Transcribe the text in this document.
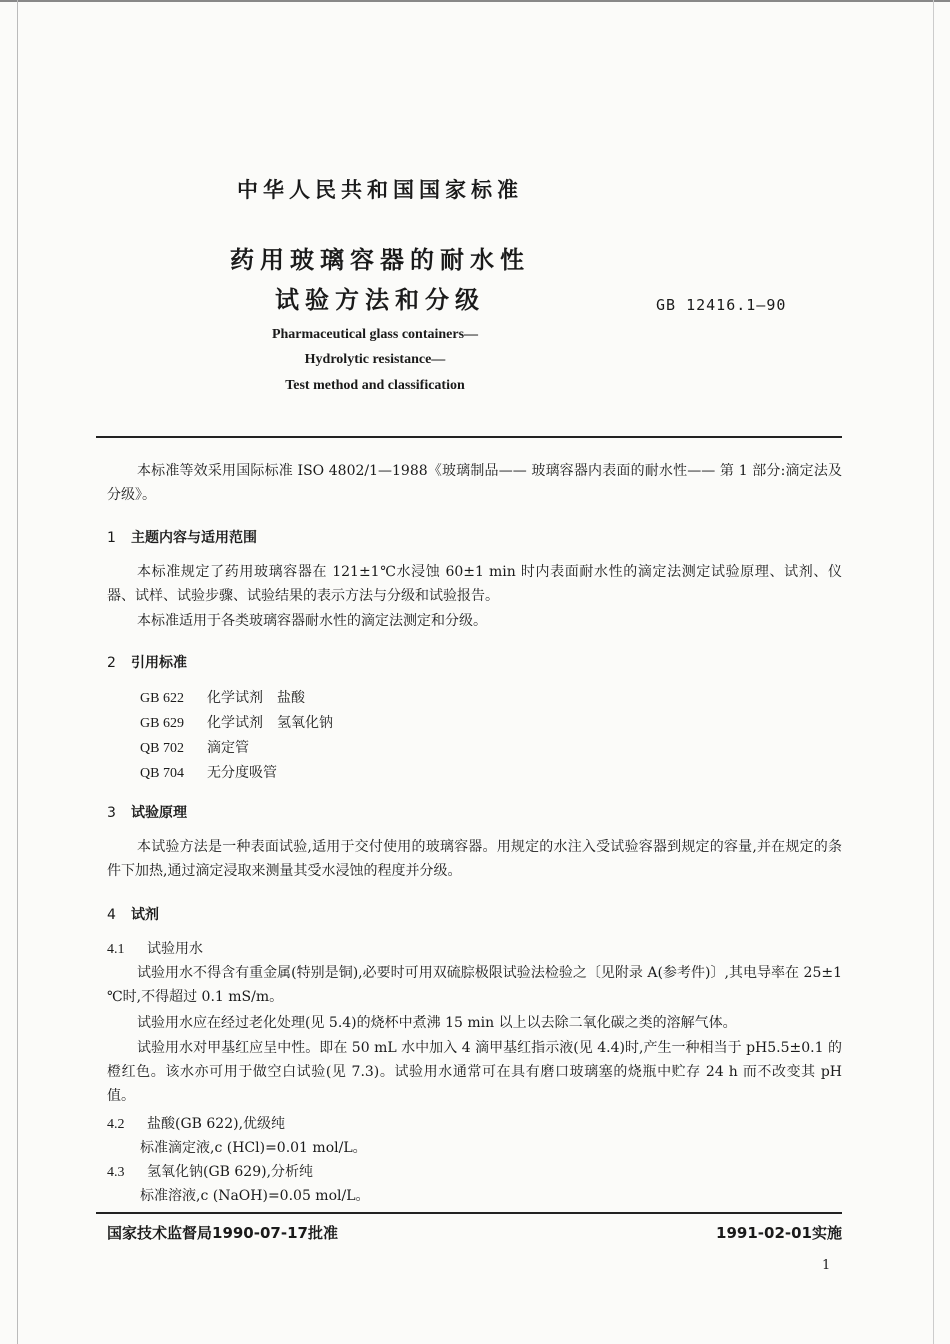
中华人民共和国国家标准
药用玻璃容器的耐水性
试验方法和分级	GB 12416.1—90
Pharmaceutical glass containers—
Hydrolytic resistance—
Test method and classification
本标准等效采用国际标准 ISO 4802/1—1988《玻璃制品—— 玻璃容器内表面的耐水性—— 第 1 部分:滴定法及分级》。
1 主题内容与适用范围
本标准规定了药用玻璃容器在 121±1℃水浸蚀 60±1 min 时内表面耐水性的滴定法测定试验原理、试剂、仪器、试样、试验步骤、试验结果的表示方法与分级和试验报告。
本标准适用于各类玻璃容器耐水性的滴定法测定和分级。
2 引用标准
GB 622 化学试剂　盐酸
GB 629 化学试剂　氢氧化钠
QB 702 滴定管
QB 704 无分度吸管
3 试验原理
本试验方法是一种表面试验,适用于交付使用的玻璃容器。用规定的水注入受试验容器到规定的容量,并在规定的条件下加热,通过滴定浸取来测量其受水浸蚀的程度并分级。
4 试剂
4.1 试验用水
试验用水不得含有重金属(特别是铜),必要时可用双硫腙极限试验法检验之〔见附录 A(参考件)〕,其电导率在 25±1 ℃时,不得超过 0.1 mS/m。
试验用水应在经过老化处理(见 5.4)的烧杯中煮沸 15 min 以上以去除二氧化碳之类的溶解气体。
试验用水对甲基红应呈中性。即在 50 mL 水中加入 4 滴甲基红指示液(见 4.4)时,产生一种相当于 pH5.5±0.1 的橙红色。该水亦可用于做空白试验(见 7.3)。试验用水通常可在具有磨口玻璃塞的烧瓶中贮存 24 h 而不改变其 pH 值。
4.2 盐酸(GB 622),优级纯
标准滴定液,c (HCl)=0.01 mol/L。
4.3 氢氧化钠(GB 629),分析纯
标准溶液,c (NaOH)=0.05 mol/L。
国家技术监督局1990-07-17批准	1991-02-01实施
1
